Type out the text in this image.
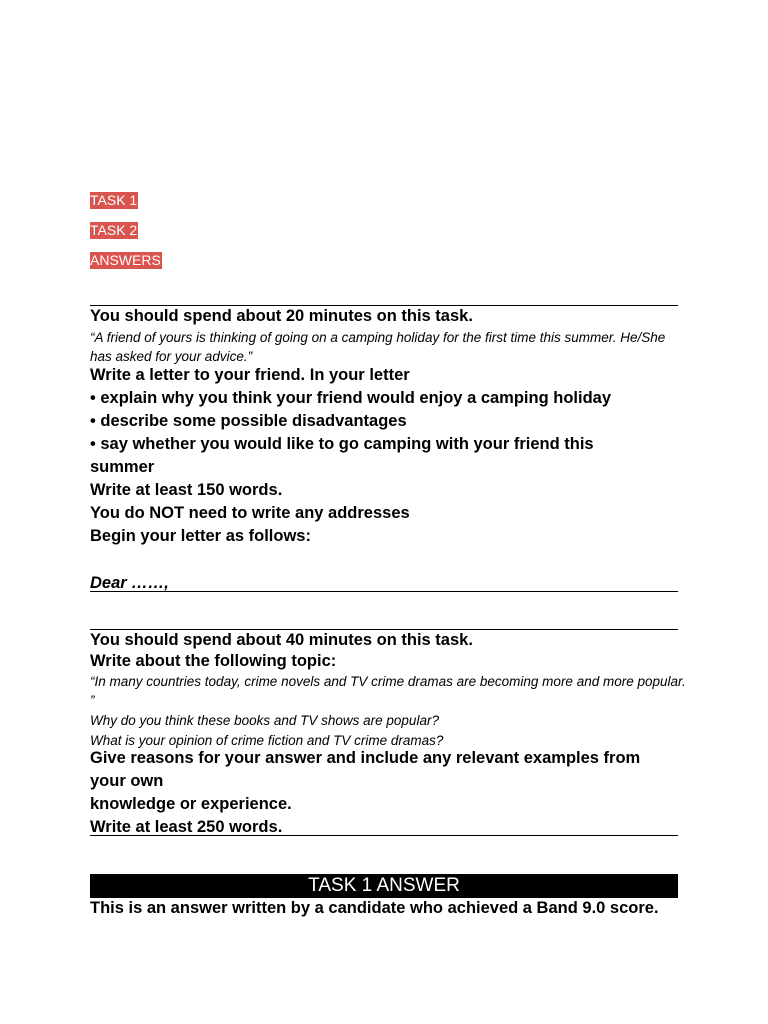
TASK 1
TASK 2
ANSWERS
You should spend about 20 minutes on this task.
“A friend of yours is thinking of going on a camping holiday for the first time this summer. He/She has asked for your advice.”
Write a letter to your friend. In your letter
• explain why you think your friend would enjoy a camping holiday
• describe some possible disadvantages
• say whether you would like to go camping with your friend this
summer
Write at least 150 words.
You do NOT need to write any addresses
Begin your letter as follows:
Dear ……,
You should spend about 40 minutes on this task.
Write about the following topic:
“In many countries today, crime novels and TV crime dramas are becoming more and more popular.
”
Why do you think these books and TV shows are popular?
What is your opinion of crime fiction and TV crime dramas?
Give reasons for your answer and include any relevant examples from
your own
knowledge or experience.
Write at least 250 words.
TASK 1 ANSWER
This is an answer written by a candidate who achieved a Band 9.0 score.
